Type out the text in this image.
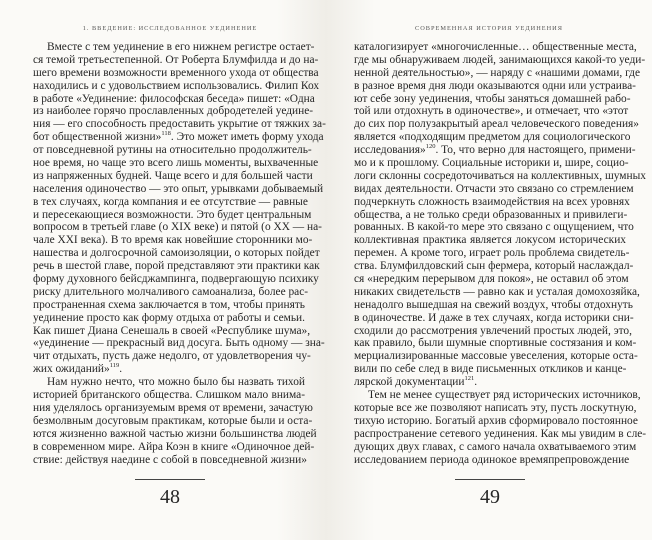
1. ВВЕДЕНИЕ: ИССЛЕДОВАННОЕ УЕДИНЕНИЕ
Вместе с тем уединение в его нижнем регистре остает-
ся темой третьестепенной. От Роберта Блумфилда и до на-
шего времени возможности временного ухода от общества
находились и с удовольствием использовались. Филип Кох
в работе «Уединение: философская беседа» пишет: «Одна
из наиболее горячо прославленных добродетелей уедине-
ния — его способность предоставить укрытие от тяжких за-
бот общественной жизни»$^{118}$. Это может иметь форму ухода
от повседневной рутины на относительно продолжитель-
ное время, но чаще это всего лишь моменты, выхваченные
из напряженных будней. Чаще всего и для большей части
населения одиночество — это опыт, урывками добываемый
в тех случаях, когда компания и ее отсутствие — равные
и пересекающиеся возможности. Это будет центральным
вопросом в третьей главе (о XIX веке) и пятой (о XX — на-
чале XXI века). В то время как новейшие сторонники мо-
нашества и долгосрочной самоизоляции, о которых пойдет
речь в шестой главе, порой представляют эти практики как
форму духовного бейсджампинга, подвергающую психику
риску длительного молчаливого самоанализа, более рас-
пространенная схема заключается в том, чтобы принять
уединение просто как форму отдыха от работы и семьи.
Как пишет Диана Сенешаль в своей «Республике шума»,
«уединение — прекрасный вид досуга. Быть одному — зна-
чит отдыхать, пусть даже недолго, от удовлетворения чу-
жих ожиданий»$^{119}$.
Нам нужно нечто, что можно было бы назвать тихой
историей британского общества. Слишком мало внима-
ния уделялось организуемым время от времени, зачастую
безмолвным досуговым практикам, которые были и оста-
ются жизненно важной частью жизни большинства людей
в современном мире. Айра Коэн в книге «Одиночное дей-
ствие: действуя наедине с собой в повседневной жизни»
48
СОВРЕМЕННАЯ ИСТОРИЯ УЕДИНЕНИЯ
каталогизирует «многочисленные… общественные места,
где мы обнаруживаем людей, занимающихся какой-то уеди-
ненной деятельностью», — наряду с «нашими домами, где
в разное время дня люди оказываются одни или устраива-
ют себе зону уединения, чтобы заняться домашней рабо-
той или отдохнуть в одиночестве», и отмечает, что «этот
до сих пор полузакрытый ареал человеческого поведения»
является «подходящим предметом для социологического
исследования»$^{120}$. То, что верно для настоящего, примени-
мо и к прошлому. Социальные историки и, шире, социо-
логи склонны сосредоточиваться на коллективных, шумных
видах деятельности. Отчасти это связано со стремлением
подчеркнуть сложность взаимодействия на всех уровнях
общества, а не только среди образованных и привилеги-
рованных. В какой-то мере это связано с ощущением, что
коллективная практика является локусом исторических
перемен. А кроме того, играет роль проблема свидетель-
ства. Блумфилдовский сын фермера, который наслаждал-
ся «нередким перерывом для покоя», не оставил об этом
никаких свидетельств — равно как и усталая домохозяйка,
ненадолго вышедшая на свежий воздух, чтобы отдохнуть
в одиночестве. И даже в тех случаях, когда историки сни-
сходили до рассмотрения увлечений простых людей, это,
как правило, были шумные спортивные состязания и ком-
мерциализированные массовые увеселения, которые оста-
вили по себе след в виде письменных откликов и канце-
лярской документации$^{121}$.
Тем не менее существует ряд исторических источников,
которые все же позволяют написать эту, пусть лоскутную,
тихую историю. Богатый архив сформировало постоянное
распространение сетевого уединения. Как мы увидим в сле-
дующих двух главах, с самого начала охватываемого этим
исследованием периода одинокое времяпрепровождение
49
